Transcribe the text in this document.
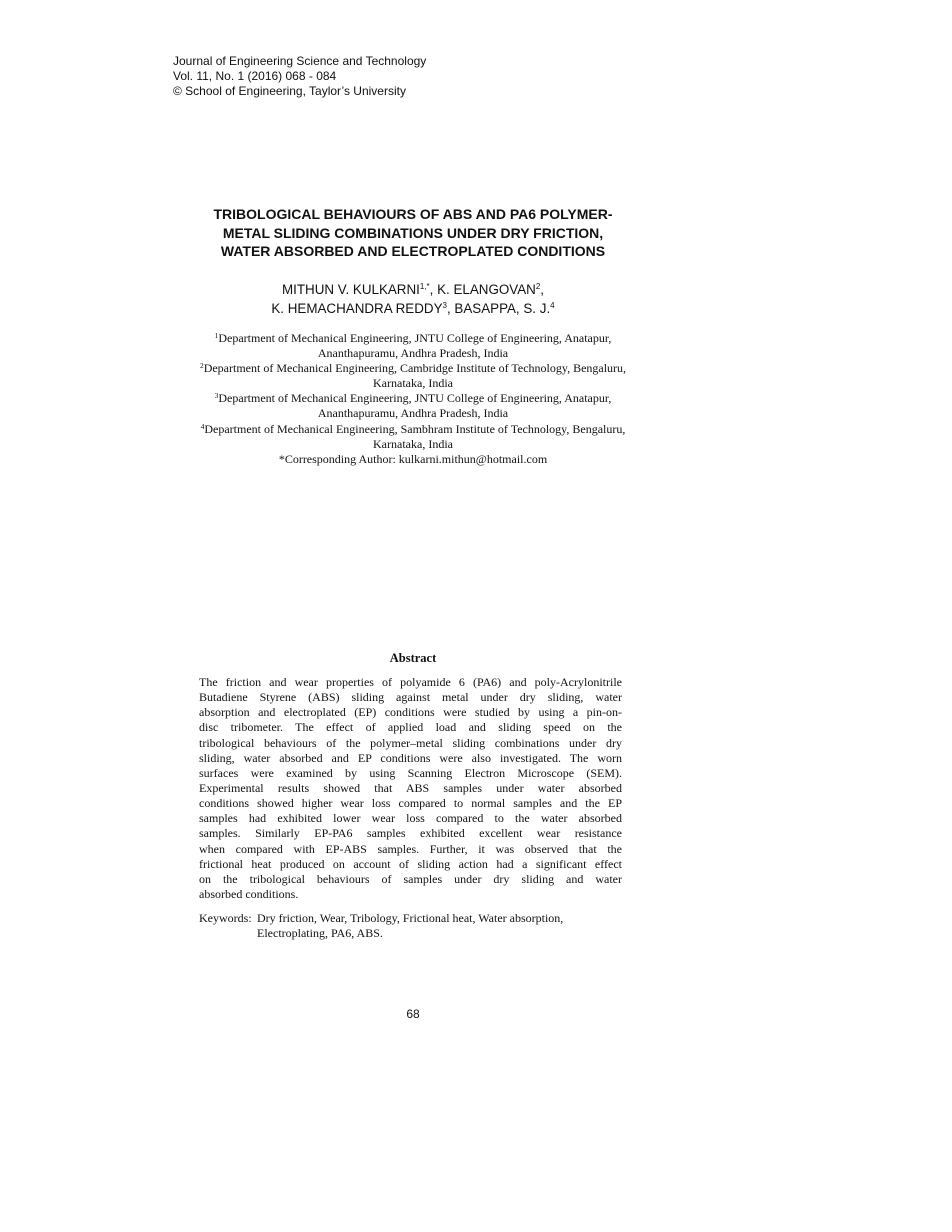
Journal of Engineering Science and Technology
Vol. 11, No. 1 (2016) 068 - 084
© School of Engineering, Taylor’s University
TRIBOLOGICAL BEHAVIOURS OF ABS AND PA6 POLYMER-
METAL SLIDING COMBINATIONS UNDER DRY FRICTION,
WATER ABSORBED AND ELECTROPLATED CONDITIONS
MITHUN V. $KULKARNI^{1,*}$, K. ELANGOVAN$^2$,
K. HEMACHANDRA REDDY$^3$, BASAPPA, S. J.$^4$
$^1$Department of Mechanical Engineering, JNTU College of Engineering, Anatapur,
Ananthapuramu, Andhra Pradesh, India
$^2$Department of Mechanical Engineering, Cambridge Institute of Technology, Bengaluru,
Karnataka, India
$^3$Department of Mechanical Engineering, JNTU College of Engineering, Anatapur,
Ananthapuramu, Andhra Pradesh, India
$^4$Department of Mechanical Engineering, Sambhram Institute of Technology, Bengaluru,
Karnataka, India
*Corresponding Author: kulkarni.mithun@hotmail.com
Abstract
The friction and wear properties of polyamide 6 (PA6) and poly-Acrylonitrile
Butadiene Styrene (ABS) sliding against metal under dry sliding, water
absorption and electroplated (EP) conditions were studied by using a pin-on-
disc tribometer. The effect of applied load and sliding speed on the
tribological behaviours of the polymer–metal sliding combinations under dry
sliding, water absorbed and EP conditions were also investigated. The worn
surfaces were examined by using Scanning Electron Microscope (SEM).
Experimental results showed that ABS samples under water absorbed
conditions showed higher wear loss compared to normal samples and the EP
samples had exhibited lower wear loss compared to the water absorbed
samples. Similarly EP-PA6 samples exhibited excellent wear resistance
when compared with EP-ABS samples. Further, it was observed that the
frictional heat produced on account of sliding action had a significant effect
on the tribological behaviours of samples under dry sliding and water
absorbed conditions.
Keywords: Dry friction, Wear, Tribology, Frictional heat, Water absorption,
Electroplating, PA6, ABS.
68
